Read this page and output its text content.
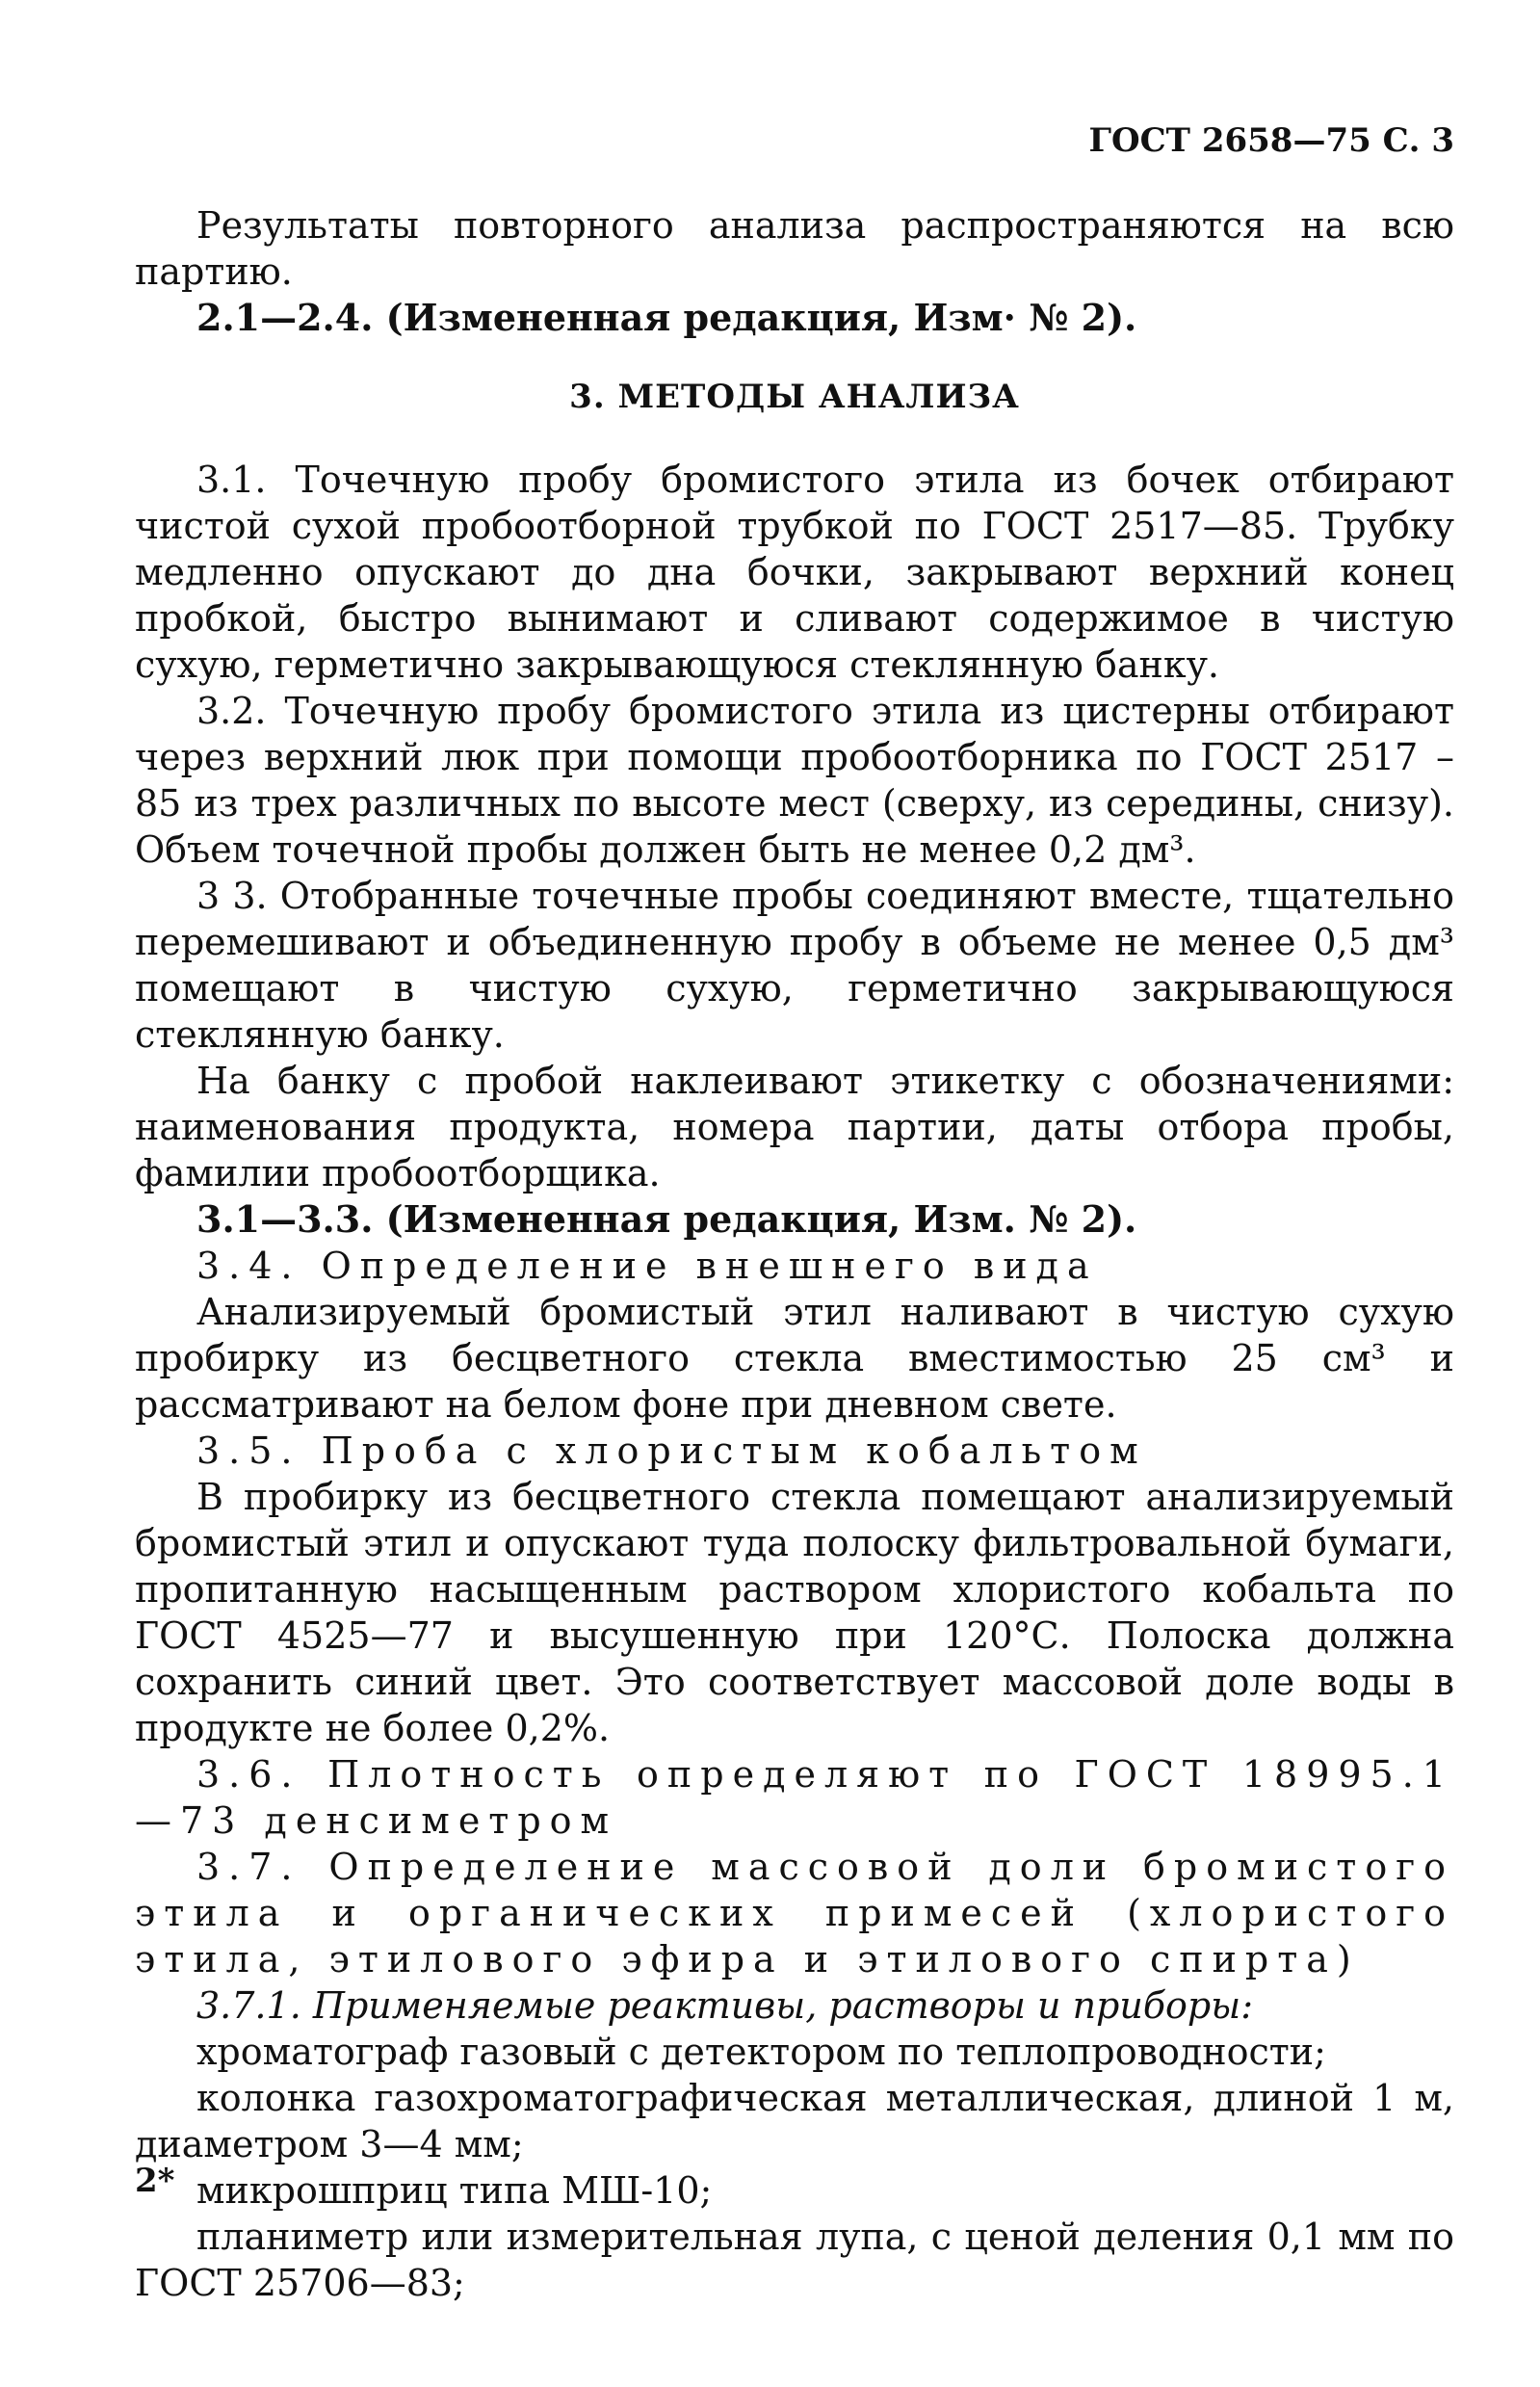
ГОСТ 2658—75 С. 3

Результаты повторного анализа распространяются на всю партию.

2.1—2.4. (Измененная редакция, Изм· № 2).

3. МЕТОДЫ АНАЛИЗА

3.1. Точечную пробу бромистого этила из бочек отбирают чистой сухой пробоотборной трубкой по ГОСТ 2517—85. Трубку медленно опускают до дна бочки, закрывают верхний конец пробкой, быстро вынимают и сливают содержимое в чистую сухую, герметично закрывающуюся стеклянную банку.

3.2. Точечную пробу бромистого этила из цистерны отбирают через верхний люк при помощи пробоотборника по ГОСТ 2517 – 85 из трех различных по высоте мест (сверху, из середины, снизу). Объем точечной пробы должен быть не менее 0,2 дм³.

3 3. Отобранные точечные пробы соединяют вместе, тщательно перемешивают и объединенную пробу в объеме не менее 0,5 дм³ помещают в чистую сухую, герметично закрывающуюся стеклянную банку.

На банку с пробой наклеивают этикетку с обозначениями: наименования продукта, номера партии, даты отбора пробы, фамилии пробоотборщика.

3.1—3.3. (Измененная редакция, Изм. № 2).

3.4. Определение внешнего вида

Анализируемый бромистый этил наливают в чистую сухую пробирку из бесцветного стекла вместимостью 25 см³ и рассматривают на белом фоне при дневном свете.

3.5. Проба с хлористым кобальтом

В пробирку из бесцветного стекла помещают анализируемый бромистый этил и опускают туда полоску фильтровальной бумаги, пропитанную насыщенным раствором хлористого кобальта по ГОСТ 4525—77 и высушенную при 120°С. Полоска должна сохранить синий цвет. Это соответствует массовой доле воды в продукте не более 0,2%.

3.6. Плотность определяют по ГОСТ 18995.1—73 денсиметром

3.7. Определение массовой доли бромистого этила и органических примесей (хлористого этила, этилового эфира и этилового спирта)

3.7.1. Применяемые реактивы, растворы и приборы:

хроматограф газовый с детектором по теплопроводности;

колонка газохроматографическая металлическая, длиной 1 м, диаметром 3—4 мм;

микрошприц типа МШ-10;

планиметр или измерительная лупа, с ценой деления 0,1 мм по ГОСТ 25706—83;

2*
